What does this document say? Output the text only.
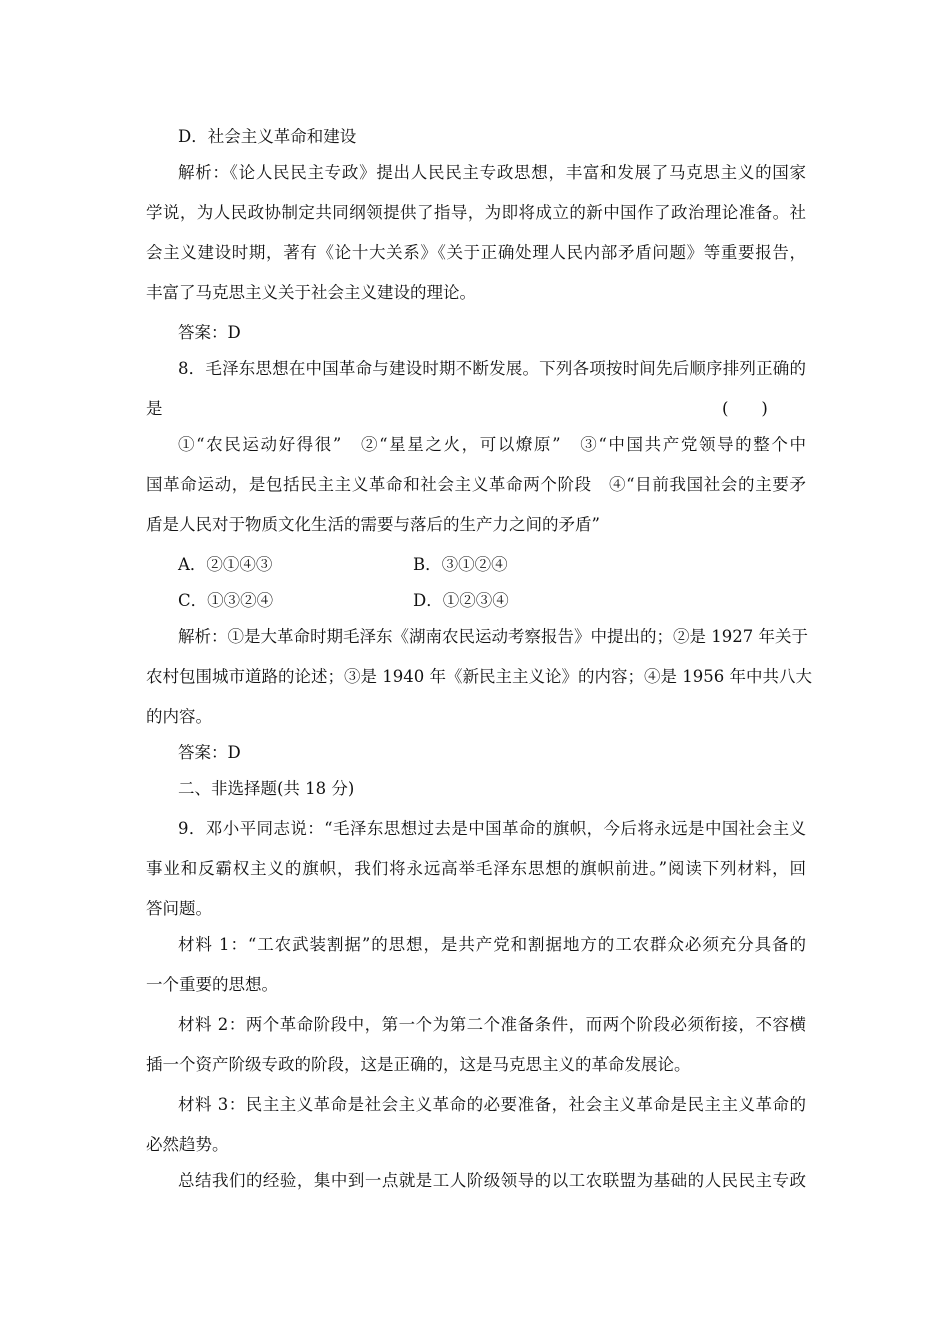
D．社会主义革命和建设
解析：《论人民民主专政》提出人民民主专政思想，丰富和发展了马克思主义的国家
学说，为人民政协制定共同纲领提供了指导，为即将成立的新中国作了政治理论准备。社
会主义建设时期，著有《论十大关系》《关于正确处理人民内部矛盾问题》等重要报告，
丰富了马克思主义关于社会主义建设的理论。
答案：D
8．毛泽东思想在中国革命与建设时期不断发展。下列各项按时间先后顺序排列正确的
是	(　　)
①“农民运动好得很”　②“星星之火，可以燎原”　③“中国共产党领导的整个中
国革命运动，是包括民主主义革命和社会主义革命两个阶段　④“目前我国社会的主要矛
盾是人民对于物质文化生活的需要与落后的生产力之间的矛盾”
A．②①④③	B．③①②④
C．①③②④	D．①②③④
解析：①是大革命时期毛泽东《湖南农民运动考察报告》中提出的；②是 1927 年关于
农村包围城市道路的论述；③是 1940 年《新民主主义论》的内容；④是 1956 年中共八大
的内容。
答案：D
二、非选择题(共 18 分)
9．邓小平同志说：“毛泽东思想过去是中国革命的旗帜，今后将永远是中国社会主义
事业和反霸权主义的旗帜，我们将永远高举毛泽东思想的旗帜前进。”阅读下列材料，回
答问题。
材料 1：“工农武装割据”的思想，是共产党和割据地方的工农群众必须充分具备的
一个重要的思想。
材料 2：两个革命阶段中，第一个为第二个准备条件，而两个阶段必须衔接，不容横
插一个资产阶级专政的阶段，这是正确的，这是马克思主义的革命发展论。
材料 3：民主主义革命是社会主义革命的必要准备，社会主义革命是民主主义革命的
必然趋势。
总结我们的经验，集中到一点就是工人阶级领导的以工农联盟为基础的人民民主专政
